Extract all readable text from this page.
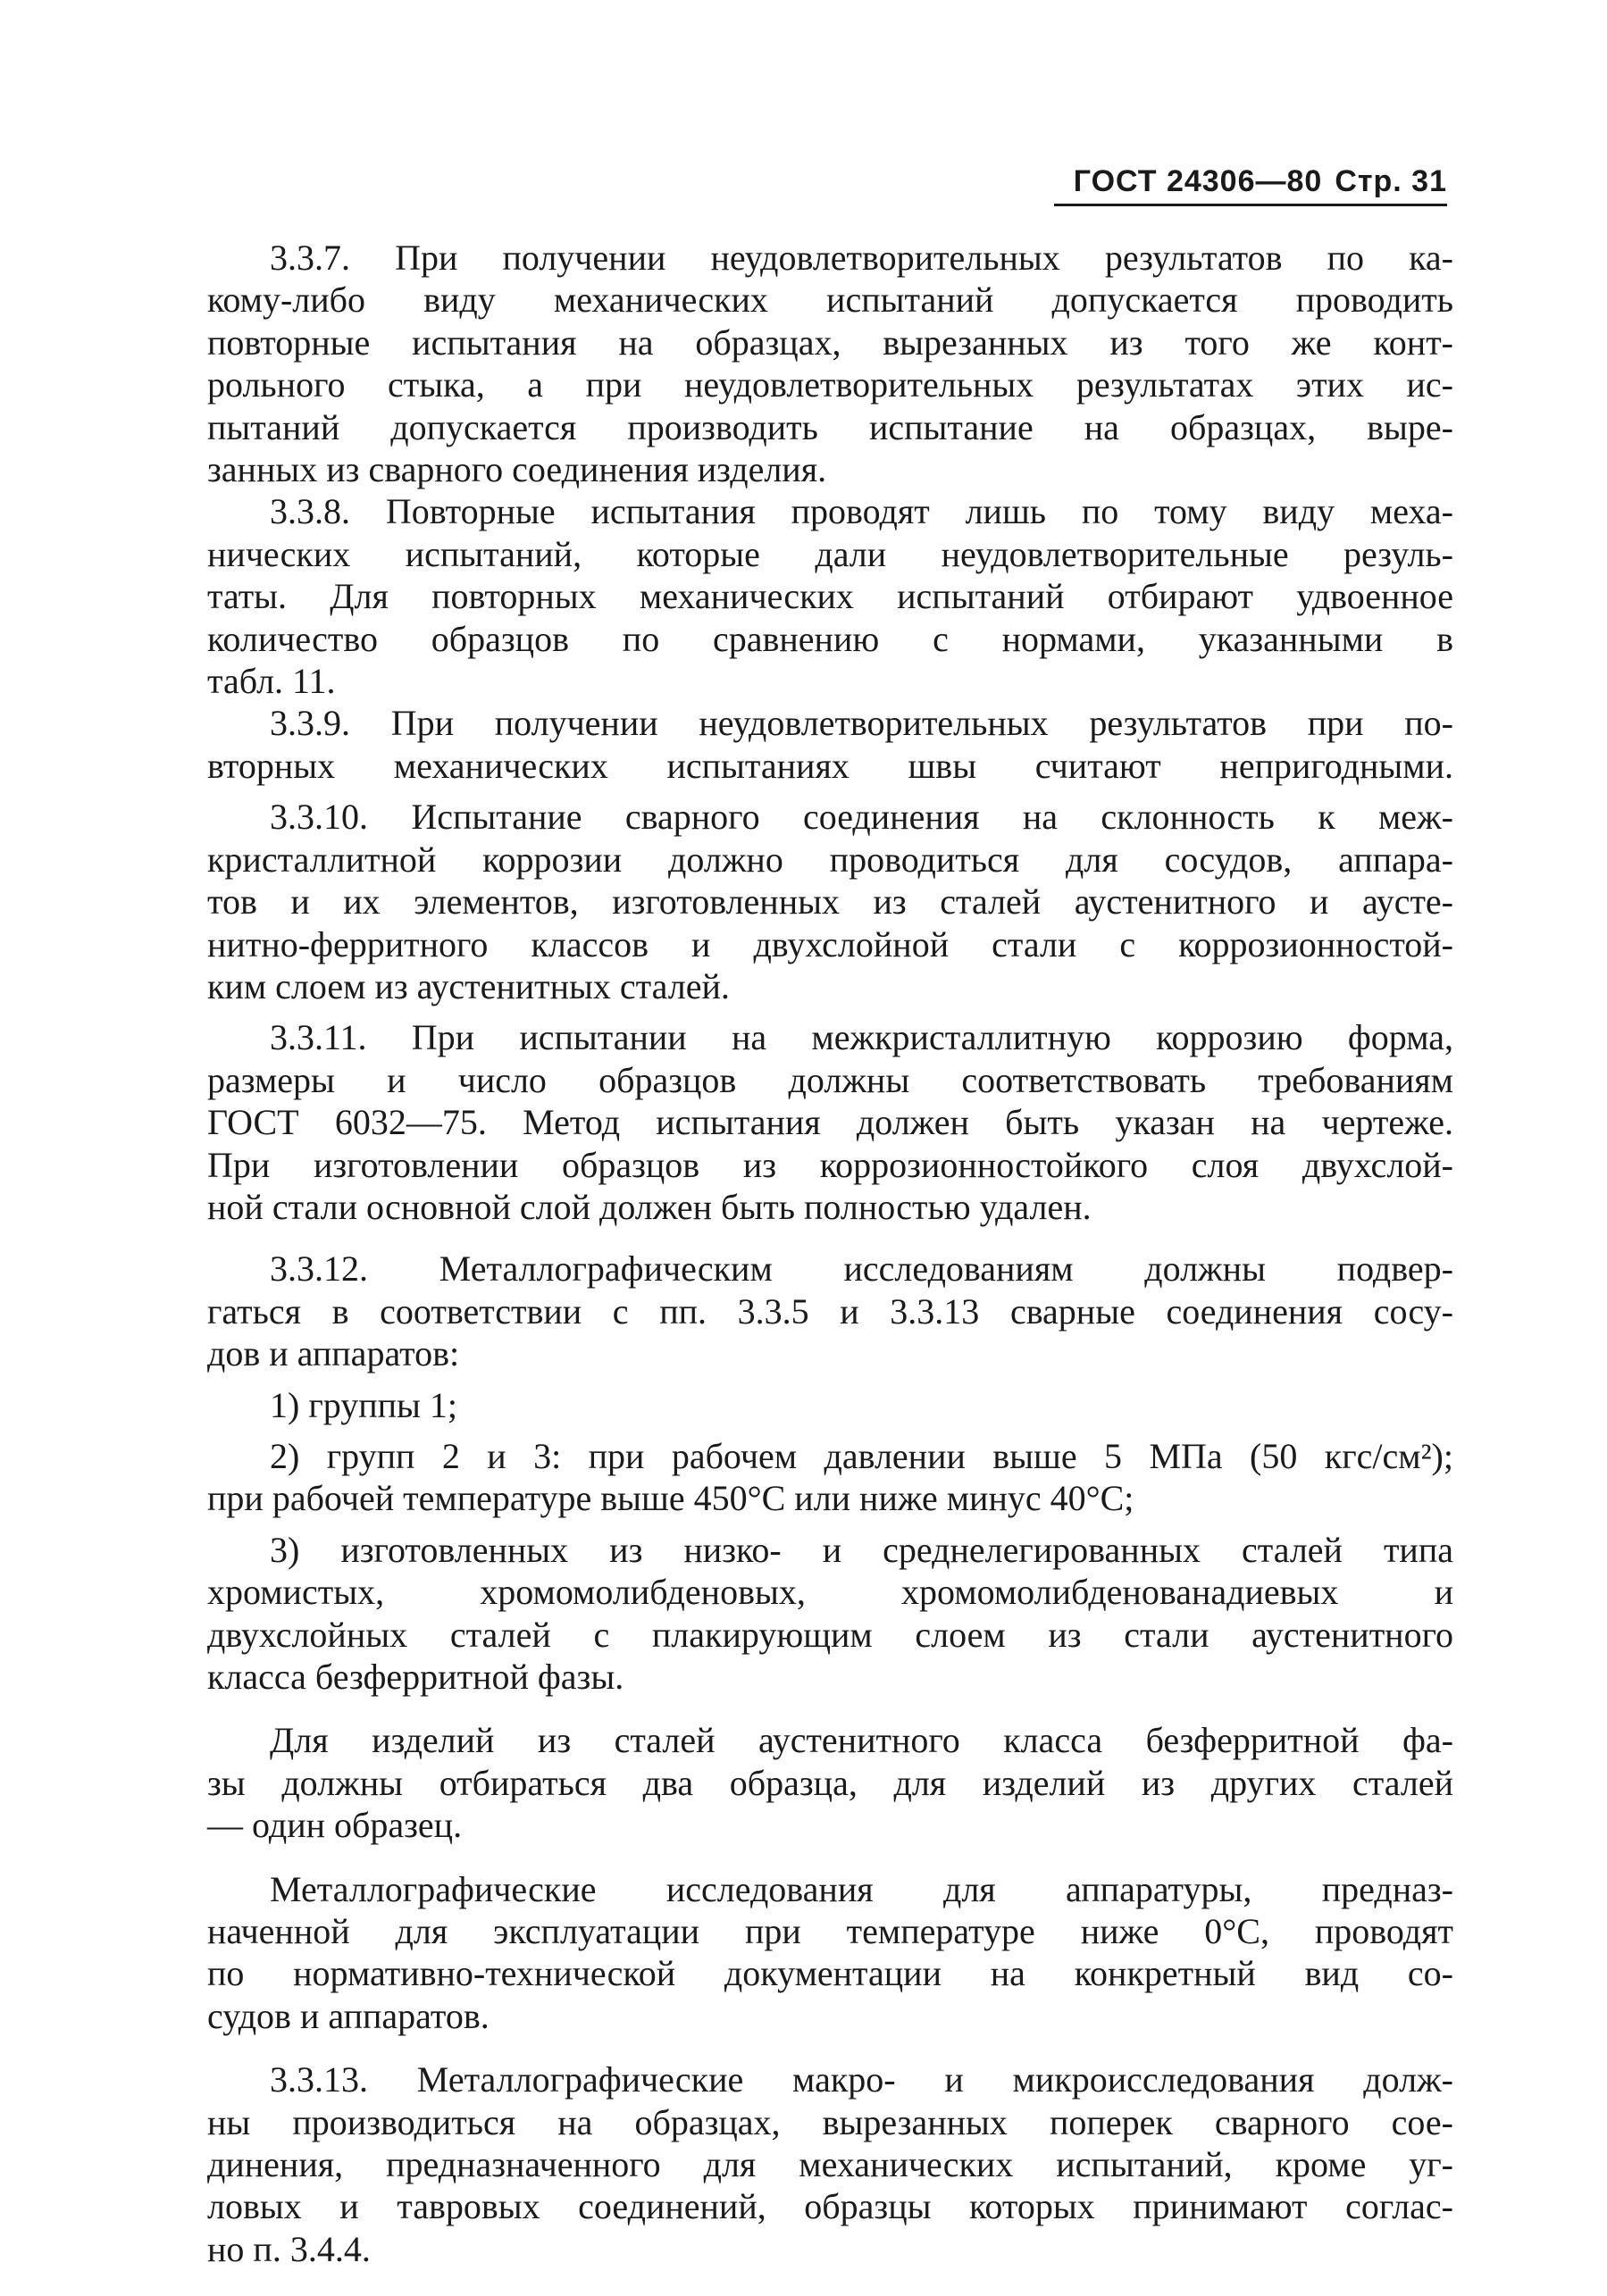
ГОСТ 24306—80 Стр. 31
3.3.7. При получении неудовлетворительных результатов по ка-
кому-либо виду механических испытаний допускается проводить
повторные испытания на образцах, вырезанных из того же конт-
рольного стыка, а при неудовлетворительных результатах этих ис-
пытаний допускается производить испытание на образцах, выре-
занных из сварного соединения изделия.
3.3.8. Повторные испытания проводят лишь по тому виду меха-
нических испытаний, которые дали неудовлетворительные резуль-
таты. Для повторных механических испытаний отбирают удвоенное
количество образцов по сравнению с нормами, указанными в
табл. 11.
3.3.9. При получении неудовлетворительных результатов при по-
вторных механических испытаниях швы считают непригодными.
3.3.10. Испытание сварного соединения на склонность к меж-
кристаллитной коррозии должно проводиться для сосудов, аппара-
тов и их элементов, изготовленных из сталей аустенитного и аусте-
нитно-ферритного классов и двухслойной стали с коррозионностой-
ким слоем из аустенитных сталей.
3.3.11. При испытании на межкристаллитную коррозию форма,
размеры и число образцов должны соответствовать требованиям
ГОСТ 6032—75. Метод испытания должен быть указан на чертеже.
При изготовлении образцов из коррозионностойкого слоя двухслой-
ной стали основной слой должен быть полностью удален.
3.3.12. Металлографическим исследованиям должны подвер-
гаться в соответствии с пп. 3.3.5 и 3.3.13 сварные соединения сосу-
дов и аппаратов:
1) группы 1;
2) групп 2 и 3: при рабочем давлении выше 5 МПа (50 кгс/см²);
при рабочей температуре выше 450°С или ниже минус 40°С;
3) изготовленных из низко- и среднелегированных сталей типа
хромистых, хромомолибденовых, хромомолибденованадиевых и
двухслойных сталей с плакирующим слоем из стали аустенитного
класса безферритной фазы.
Для изделий из сталей аустенитного класса безферритной фа-
зы должны отбираться два образца, для изделий из других сталей
— один образец.
Металлографические исследования для аппаратуры, предназ-
наченной для эксплуатации при температуре ниже 0°С, проводят
по нормативно-технической документации на конкретный вид со-
судов и аппаратов.
3.3.13. Металлографические макро- и микроисследования долж-
ны производиться на образцах, вырезанных поперек сварного сое-
динения, предназначенного для механических испытаний, кроме уг-
ловых и тавровых соединений, образцы которых принимают соглас-
но п. 3.4.4.
